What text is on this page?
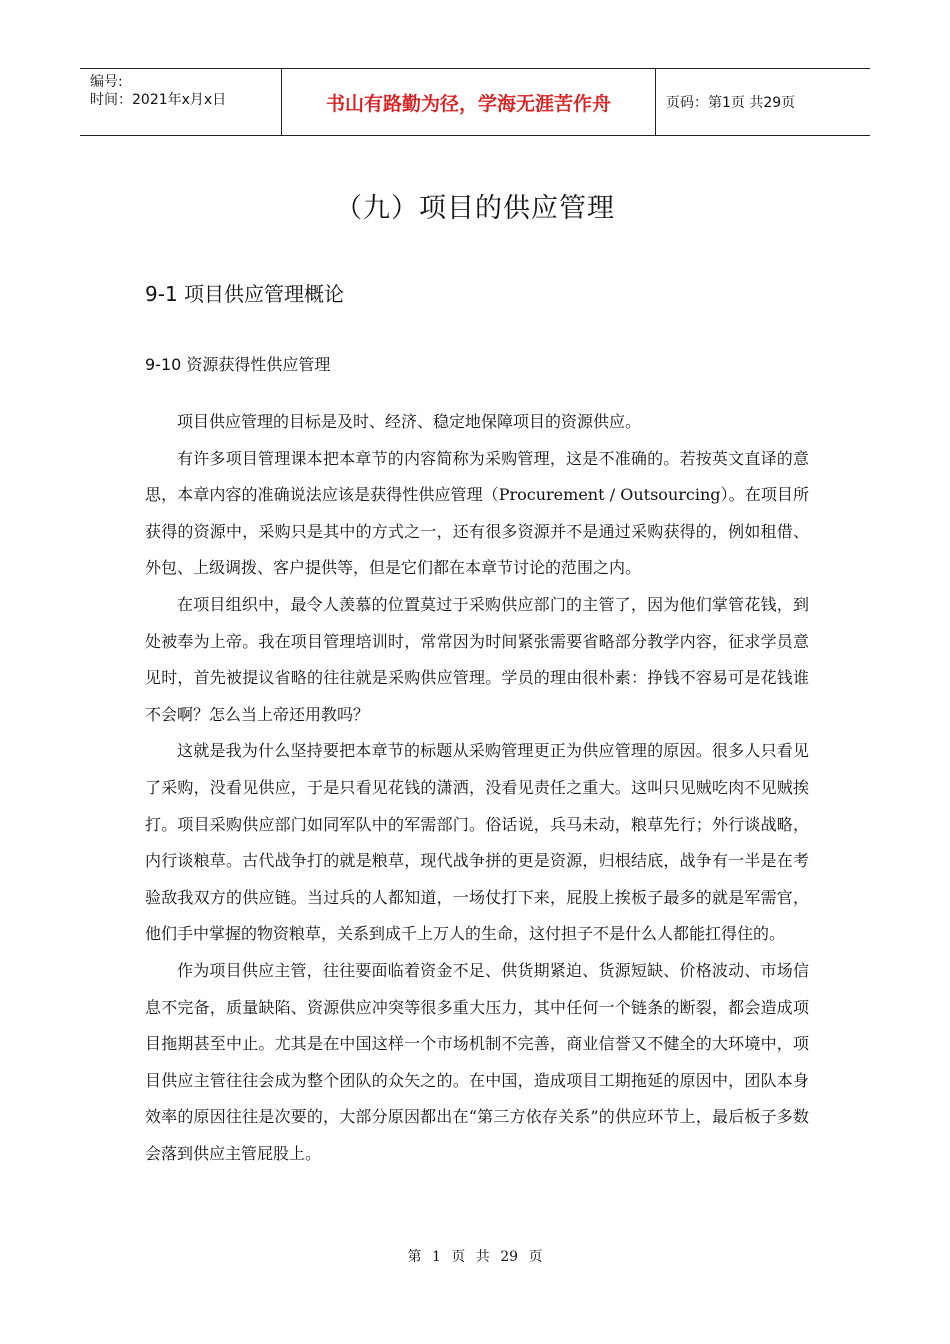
编号:
时间：2021年x月x日	书山有路勤为径，学海无涯苦作舟	页码：第1页 共29页
（九）项目的供应管理
9-1 项目供应管理概论
9-10 资源获得性供应管理

项目供应管理的目标是及时、经济、稳定地保障项目的资源供应。

有许多项目管理课本把本章节的内容简称为采购管理，这是不准确的。若按英文直译的意思，本章内容的准确说法应该是获得性供应管理（Procurement / Outsourcing）。在项目所获得的资源中，采购只是其中的方式之一，还有很多资源并不是通过采购获得的，例如租借、外包、上级调拨、客户提供等，但是它们都在本章节讨论的范围之内。

在项目组织中，最令人羡慕的位置莫过于采购供应部门的主管了，因为他们掌管花钱，到处被奉为上帝。我在项目管理培训时，常常因为时间紧张需要省略部分教学内容，征求学员意见时，首先被提议省略的往往就是采购供应管理。学员的理由很朴素：挣钱不容易可是花钱谁不会啊？怎么当上帝还用教吗？

这就是我为什么坚持要把本章节的标题从采购管理更正为供应管理的原因。很多人只看见了采购，没看见供应，于是只看见花钱的潇洒，没看见责任之重大。这叫只见贼吃肉不见贼挨打。项目采购供应部门如同军队中的军需部门。俗话说，兵马未动，粮草先行；外行谈战略，内行谈粮草。古代战争打的就是粮草，现代战争拼的更是资源，归根结底，战争有一半是在考验敌我双方的供应链。当过兵的人都知道，一场仗打下来，屁股上挨板子最多的就是军需官，他们手中掌握的物资粮草，关系到成千上万人的生命，这付担子不是什么人都能扛得住的。

作为项目供应主管，往往要面临着资金不足、供货期紧迫、货源短缺、价格波动、市场信息不完备，质量缺陷、资源供应冲突等很多重大压力，其中任何一个链条的断裂，都会造成项目拖期甚至中止。尤其是在中国这样一个市场机制不完善，商业信誉又不健全的大环境中，项目供应主管往往会成为整个团队的众矢之的。在中国，造成项目工期拖延的原因中，团队本身效率的原因往往是次要的，大部分原因都出在“第三方依存关系”的供应环节上，最后板子多数会落到供应主管屁股上。

第 1 页 共 29 页
